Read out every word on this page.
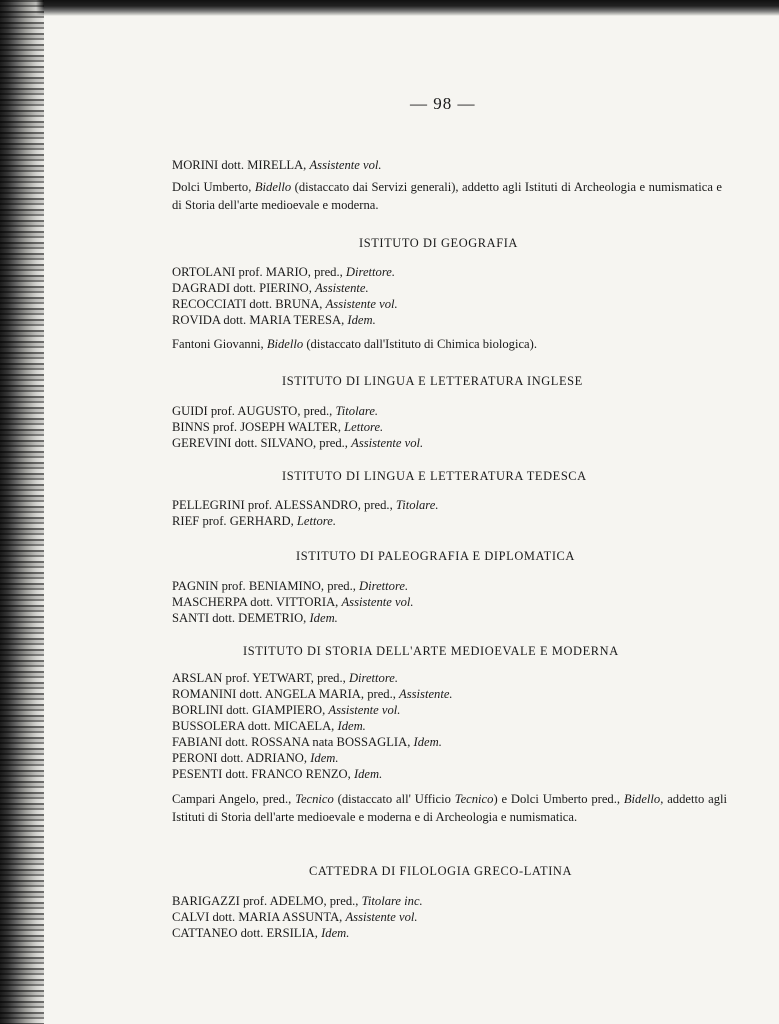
— 98 —
MORINI dott. MIRELLA, Assistente vol.
Dolci Umberto, Bidello (distaccato dai Servizi generali), addetto agli Istituti di Archeologia e numismatica e di Storia dell'arte medioevale e moderna.
ISTITUTO DI GEOGRAFIA
ORTOLANI prof. MARIO, pred., Direttore.
DAGRADI dott. PIERINO, Assistente.
RECOCCIATI dott. BRUNA, Assistente vol.
ROVIDA dott. MARIA TERESA, Idem.
Fantoni Giovanni, Bidello (distaccato dall'Istituto di Chimica biologica).
ISTITUTO DI LINGUA E LETTERATURA INGLESE
GUIDI prof. AUGUSTO, pred., Titolare.
BINNS prof. JOSEPH WALTER, Lettore.
GEREVINI dott. SILVANO, pred., Assistente vol.
ISTITUTO DI LINGUA E LETTERATURA TEDESCA
PELLEGRINI prof. ALESSANDRO, pred., Titolare.
RIEF prof. GERHARD, Lettore.
ISTITUTO DI PALEOGRAFIA E DIPLOMATICA
PAGNIN prof. BENIAMINO, pred., Direttore.
MASCHERPA dott. VITTORIA, Assistente vol.
SANTI dott. DEMETRIO, Idem.
ISTITUTO DI STORIA DELL'ARTE MEDIOEVALE E MODERNA
ARSLAN prof. YETWART, pred., Direttore.
ROMANINI dott. ANGELA MARIA, pred., Assistente.
BORLINI dott. GIAMPIERO, Assistente vol.
BUSSOLERA dott. MICAELA, Idem.
FABIANI dott. ROSSANA nata BOSSAGLIA, Idem.
PERONI dott. ADRIANO, Idem.
PESENTI dott. FRANCO RENZO, Idem.
Campari Angelo, pred., Tecnico (distaccato all' Ufficio Tecnico) e Dolci Umberto pred., Bidello, addetto agli Istituti di Storia dell'arte medioevale e moderna e di Archeologia e numismatica.
CATTEDRA DI FILOLOGIA GRECO-LATINA
BARIGAZZI prof. ADELMO, pred., Titolare inc.
CALVI dott. MARIA ASSUNTA, Assistente vol.
CATTANEO dott. ERSILIA, Idem.
